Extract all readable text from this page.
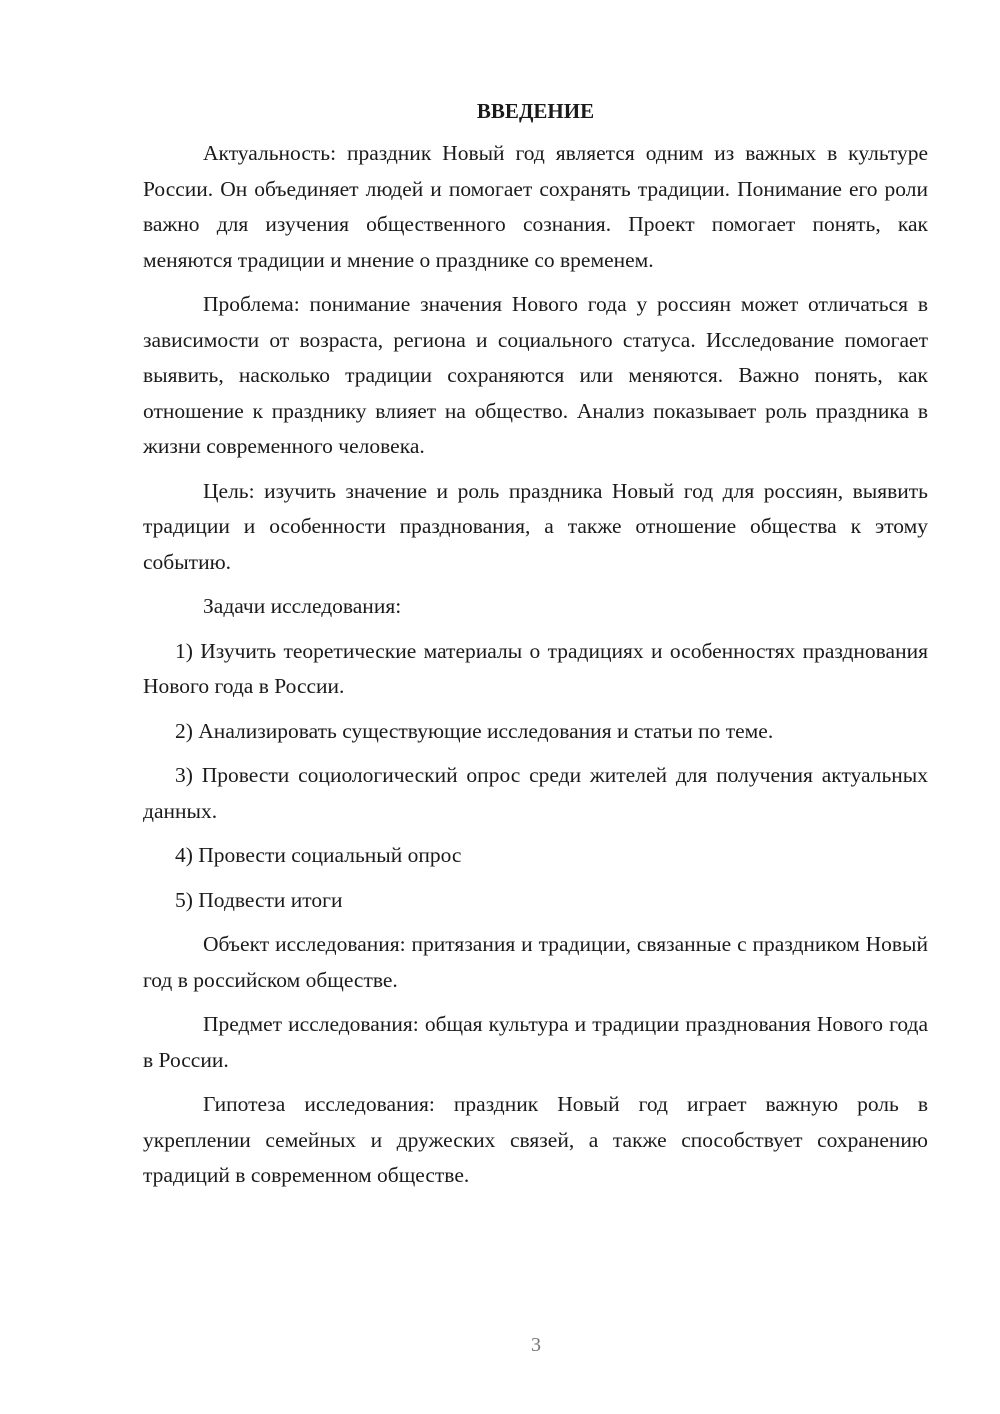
ВВЕДЕНИЕ

Актуальность: праздник Новый год является одним из важных в культуре России. Он объединяет людей и помогает сохранять традиции. Понимание его роли важно для изучения общественного сознания. Проект помогает понять, как меняются традиции и мнение о празднике со временем.

Проблема: понимание значения Нового года у россиян может отличаться в зависимости от возраста, региона и социального статуса. Исследование помогает выявить, насколько традиции сохраняются или меняются. Важно понять, как отношение к празднику влияет на общество. Анализ показывает роль праздника в жизни современного человека.

Цель: изучить значение и роль праздника Новый год для россиян, выявить традиции и особенности празднования, а также отношение общества к этому событию.

Задачи исследования:

1) Изучить теоретические материалы о традициях и особенностях празднования Нового года в России.

2) Анализировать существующие исследования и статьи по теме.

3) Провести социологический опрос среди жителей для получения актуальных данных.

4) Провести социальный опрос

5) Подвести итоги

Объект исследования: притязания и традиции, связанные с праздником Новый год в российском обществе.

Предмет исследования: общая культура и традиции празднования Нового года в России.

Гипотеза исследования: праздник Новый год играет важную роль в укреплении семейных и дружеских связей, а также способствует сохранению традиций в современном обществе.

3
